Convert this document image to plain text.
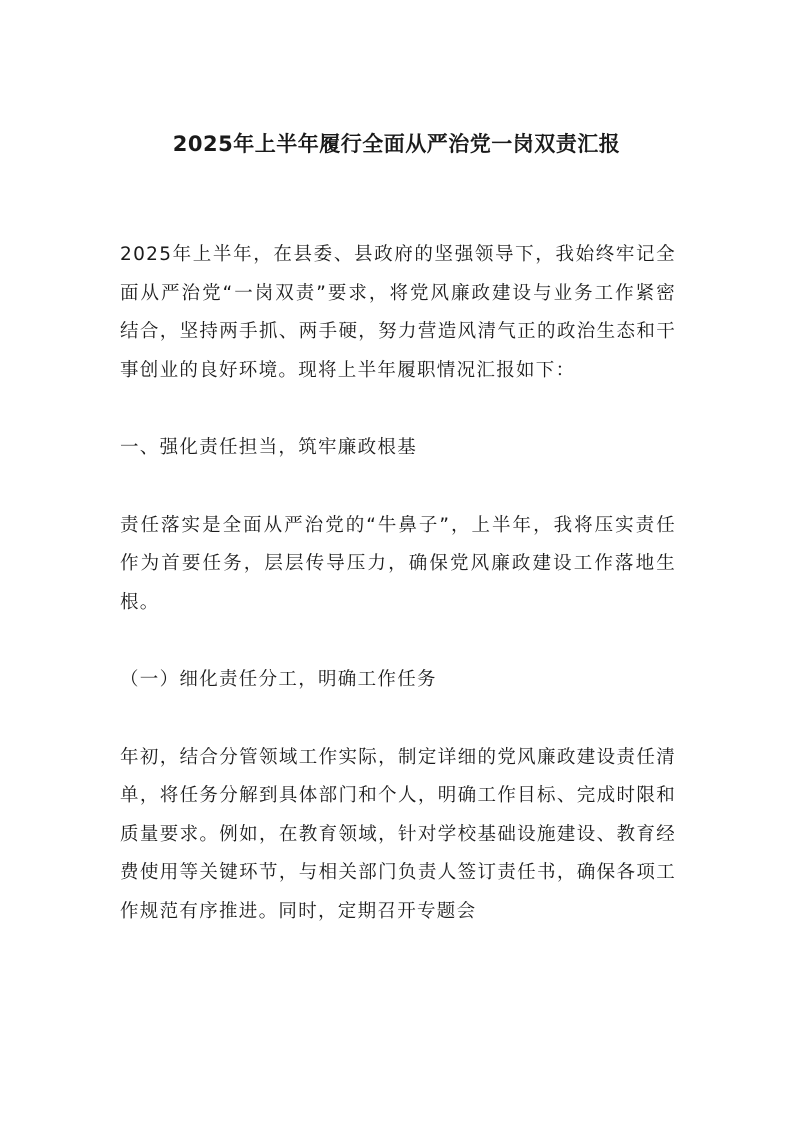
2025年上半年履行全面从严治党一岗双责汇报

2025年上半年，在县委、县政府的坚强领导下，我始终牢记全面从严治党“一岗双责”要求，将党风廉政建设与业务工作紧密结合，坚持两手抓、两手硬，努力营造风清气正的政治生态和干事创业的良好环境。现将上半年履职情况汇报如下：

一、强化责任担当，筑牢廉政根基

责任落实是全面从严治党的“牛鼻子”，上半年，我将压实责任作为首要任务，层层传导压力，确保党风廉政建设工作落地生根。

（一）细化责任分工，明确工作任务

年初，结合分管领域工作实际，制定详细的党风廉政建设责任清单，将任务分解到具体部门和个人，明确工作目标、完成时限和质量要求。例如，在教育领域，针对学校基础设施建设、教育经费使用等关键环节，与相关部门负责人签订责任书，确保各项工作规范有序推进。同时，定期召开专题会
